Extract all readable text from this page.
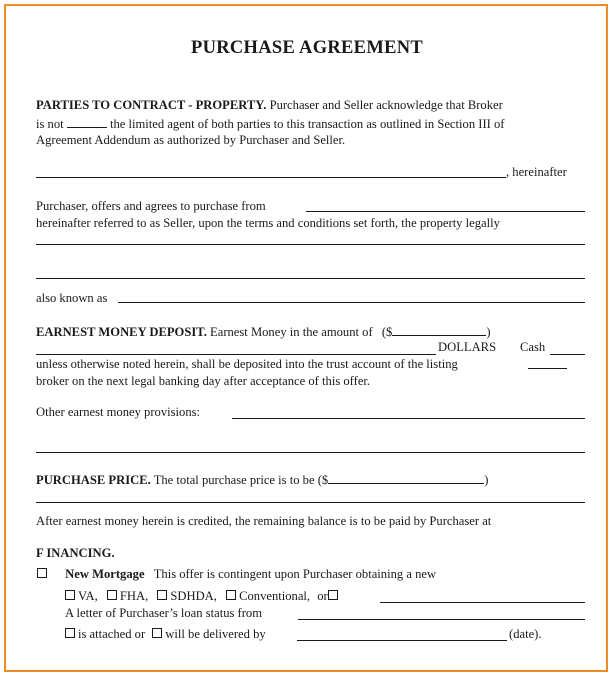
PURCHASE AGREEMENT
PARTIES TO CONTRACT - PROPERTY. Purchaser and Seller acknowledge that Broker
is not	the limited agent of both parties to this transaction as outlined in Section III of
Agreement Addendum as authorized by Purchaser and Seller.
, hereinafter
Purchaser, offers and agrees to purchase from
hereinafter referred to as Seller, upon the terms and conditions set forth, the property legally
also known as
EARNEST MONEY DEPOSIT. Earnest Money in the amount of ($	)
DOLLARS Cash
unless otherwise noted herein, shall be deposited into the trust account of the listing
broker on the next legal banking day after acceptance of this offer.
Other earnest money provisions:
PURCHASE PRICE. The total purchase price is to be ($	)
After earnest money herein is credited, the remaining balance is to be paid by Purchaser at
F INANCING.
New Mortgage This offer is contingent upon Purchaser obtaining a new
VA, FHA, SDHDA, Conventional, or
A letter of Purchaser’s loan status from
is attached or will be delivered by	(date).
